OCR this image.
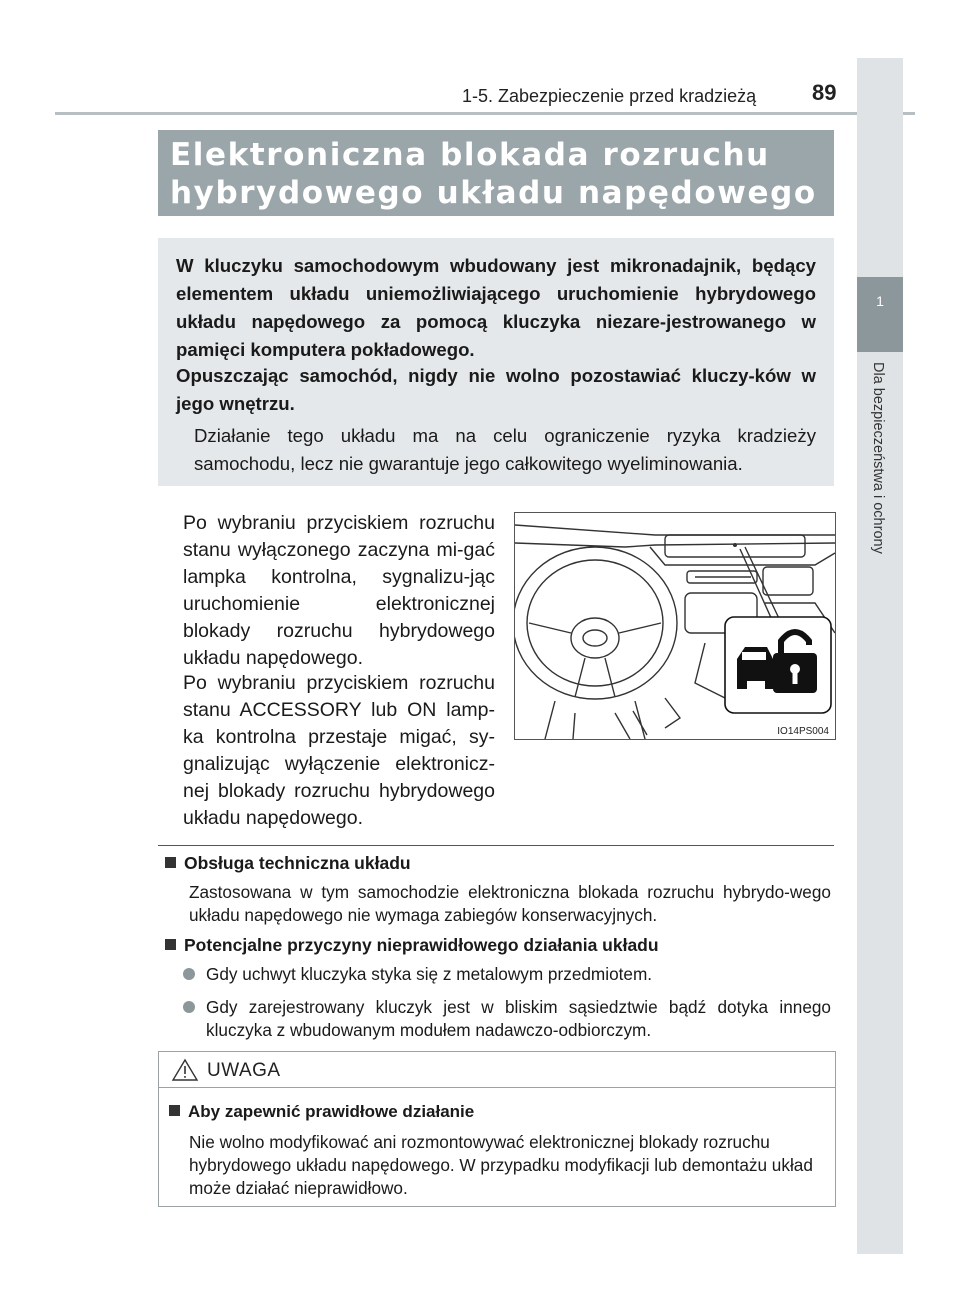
1-5. Zabezpieczenie przed kradzieżą	89
1
Dla bezpieczeństwa i ochrony
Elektroniczna blokada rozruchu hybrydowego układu napędowego

W kluczyku samochodowym wbudowany jest mikronadajnik, będący elementem układu uniemożliwiającego uruchomienie hybrydowego układu napędowego za pomocą kluczyka niezare-jestrowanego w pamięci komputera pokładowego.

Opuszczając samochód, nigdy nie wolno pozostawiać kluczy-ków w jego wnętrzu.

Działanie tego układu ma na celu ograniczenie ryzyka kradzieży samochodu, lecz nie gwarantuje jego całkowitego wyeliminowania.

Po wybraniu przyciskiem rozruchu stanu wyłączonego zaczyna mi-gać lampka kontrolna, sygnalizu-jąc uruchomienie elektronicznej blokady rozruchu hybrydowego układu napędowego.

Po wybraniu przyciskiem rozruchu stanu ACCESSORY lub ON lamp-ka kontrolna przestaje migać, sy-gnalizując wyłączenie elektronicz-nej blokady rozruchu hybrydowego układu napędowego.

IO14PS004
Obsługa techniczna układu

Zastosowana w tym samochodzie elektroniczna blokada rozruchu hybrydo-wego układu napędowego nie wymaga zabiegów konserwacyjnych.

Potencjalne przyczyny nieprawidłowego działania układu
Gdy uchwyt kluczyka styka się z metalowym przedmiotem.
Gdy zarejestrowany kluczyk jest w bliskim sąsiedztwie bądź dotyka innego kluczyka z wbudowanym modułem nadawczo-odbiorczym.
UWAGA
Aby zapewnić prawidłowe działanie

Nie wolno modyfikować ani rozmontowywać elektronicznej blokady rozruchu hybrydowego układu napędowego. W przypadku modyfikacji lub demontażu układ może działać nieprawidłowo.
